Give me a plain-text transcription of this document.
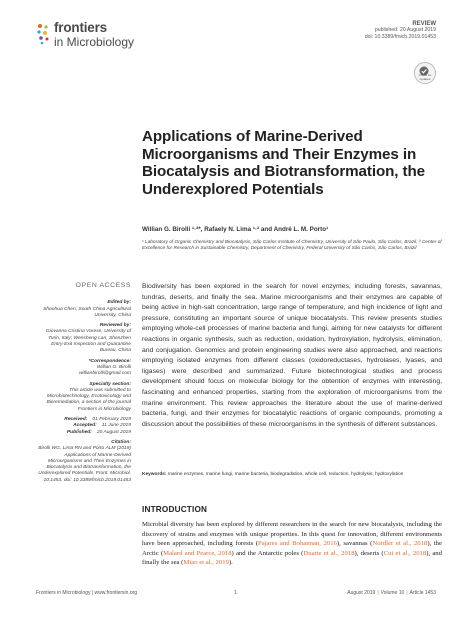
frontiers
in Microbiology
REVIEW
published: 20 August 2019
doi: 10.3389/fmicb.2019.01453
Check for updates
Applications of Marine-Derived Microorganisms and Their Enzymes in Biocatalysis and Biotransformation, the Underexplored Potentials
Willian G. Birolli ¹·²*, Rafaely N. Lima ¹·² and André L. M. Porto¹
¹ Laboratory of Organic Chemistry and Biocatalysis, São Carlos Institute of Chemistry, University of São Paulo, São Carlos, Brazil, ² Center of Excellence for Research in Sustainable Chemistry, Department of Chemistry, Federal University of São Carlos, São Carlos, Brazil
Biodiversity has been explored in the search for novel enzymes, including forests, savannas, tundras, deserts, and finally the sea. Marine microorganisms and their enzymes are capable of being active in high-salt concentration, large range of temperature, and high incidence of light and pressure, constituting an important source of unique biocatalysts. This review presents studies employing whole-cell processes of marine bacteria and fungi, aiming for new catalysts for different reactions in organic synthesis, such as reduction, oxidation, hydroxylation, hydrolysis, elimination, and conjugation. Genomics and protein engineering studies were also approached, and reactions employing isolated enzymes from different classes (oxidoreductases, hydrolases, lyases, and ligases) were described and summarized. Future biotechnological studies and process development should focus on molecular biology for the obtention of enzymes with interesting, fascinating and enhanced properties, starting from the exploration of microorganisms from the marine environment. This review approaches the literature about the use of marine-derived bacteria, fungi, and their enzymes for biocatalytic reactions of organic compounds, promoting a discussion about the possibilities of these microorganisms in the synthesis of different substances.
Keywords: marine enzymes, marine fungi, marine bacteria, biodegradation, whole cell, reduction, hydrolysis, hydroxylation
INTRODUCTION
Microbial diversity has been explored by different researchers in the search for new biocatalysts, including the discovery of strains and enzymes with unique properties. In this quest for innovation, different environments have been approached, including forests (Pajares and Bohannan, 2016), savannas (Nordler et al., 2018), the Arctic (Malard and Pearce, 2018) and the Antarctic poles (Duarte et al., 2018), deserts (Cui et al., 2018), and finally the sea (Miao et al., 2019).
OPEN ACCESS
Edited by:
Shaohua Chen, South China Agricultural University, China
Reviewed by:
Giovanna Cristina Varese, University of Turin, Italy; Wensheng Lan, Shenzhen Entry-Exit Inspection and Quarantine Bureau, China
*Correspondence:
Willian G. Birolli
willianbirolli@gmail.com
Specialty section:
This article was submitted to Microbiotechnology, Ecotoxicology and Bioremediation, a section of the journal Frontiers in Microbiology
Received: 01 February 2019
Accepted: 11 June 2019
Published: 20 August 2019
Citation:
Birolli WG, Lima RN and Porto ALM (2019) Applications of Marine-Derived Microorganisms and Their Enzymes in Biocatalysis and Biotransformation, the Underexplored Potentials. Front. Microbiol. 10:1453. doi: 10.3389/fmicb.2019.01453
Frontiers in Microbiology | www.frontiersin.org	1	August 2019 | Volume 10 | Article 1453
